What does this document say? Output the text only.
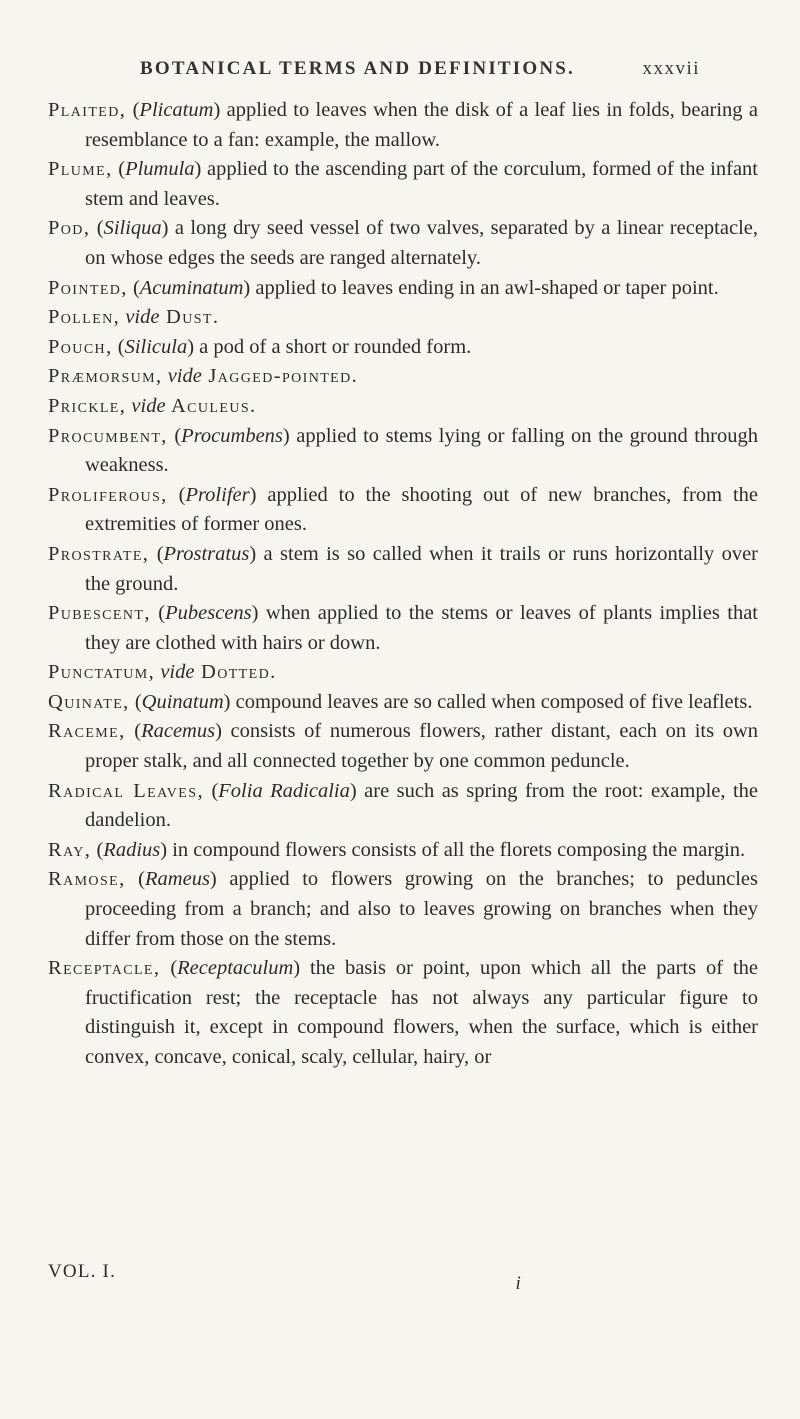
BOTANICAL TERMS AND DEFINITIONS.	xxxvii

Plaited, (Plicatum) applied to leaves when the disk of a leaf lies in folds, bearing a resemblance to a fan: example, the mallow.

Plume, (Plumula) applied to the ascending part of the corculum, formed of the infant stem and leaves.

Pod, (Siliqua) a long dry seed vessel of two valves, separated by a linear receptacle, on whose edges the seeds are ranged alternately.

Pointed, (Acuminatum) applied to leaves ending in an awl-shaped or taper point.

Pollen, vide Dust.

Pouch, (Silicula) a pod of a short or rounded form.

Præmorsum, vide Jagged-pointed.

Prickle, vide Aculeus.

Procumbent, (Procumbens) applied to stems lying or falling on the ground through weakness.

Proliferous, (Prolifer) applied to the shooting out of new branches, from the extremities of former ones.

Prostrate, (Prostratus) a stem is so called when it trails or runs horizontally over the ground.

Pubescent, (Pubescens) when applied to the stems or leaves of plants implies that they are clothed with hairs or down.

Punctatum, vide Dotted.

Quinate, (Quinatum) compound leaves are so called when composed of five leaflets.

Raceme, (Racemus) consists of numerous flowers, rather distant, each on its own proper stalk, and all connected together by one common peduncle.

Radical Leaves, (Folia Radicalia) are such as spring from the root: example, the dandelion.

Ray, (Radius) in compound flowers consists of all the florets composing the margin.

Ramose, (Rameus) applied to flowers growing on the branches; to peduncles proceeding from a branch; and also to leaves growing on branches when they differ from those on the stems.

Receptacle, (Receptaculum) the basis or point, upon which all the parts of the fructification rest; the receptacle has not always any particular figure to distinguish it, except in compound flowers, when the surface, which is either convex, concave, conical, scaly, cellular, hairy, or

VOL. I.
i
